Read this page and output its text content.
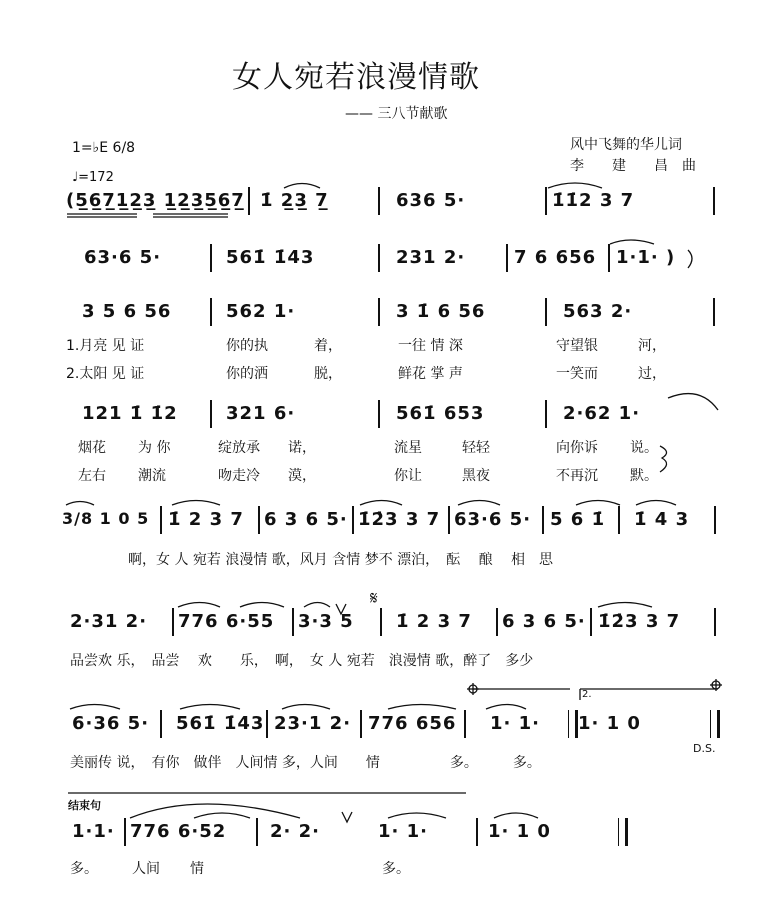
女人宛若浪漫情歌
—— 三八节献歌
风中飞舞的华儿词
李　　建　　昌　曲
1=♭E 6/8
♩=172
(5̲6̲7̲1̲2̲3̲ 1̲2̲3̲5̲6̲7̲ 1̇ 2̲3̲ 7̲	636 5·	1̇1̇2 3 7
63·6 5·	561̇ 1̇43	231 2·	7 6 656 1·1· )
3 5 6 56	562 1·	3 1̇ 6 56	563 2·
1.月亮 见 证	你的执	着，	一往 情 深	守望银	河，
2.太阳 见 证	你的洒	脱，	鲜花 掌 声	一笑而	过，
121 1̇ 1̇2	321 6·	561̇ 653	2·62 1·
烟花 为 你	绽放承 诺，	流星	轻轻	向你诉 说。
左右 潮流	吻走冷 漠，	你让	黑夜	不再沉 默。
3/8 1 0 5 1̇ 2 3 7 6 3 6 5· 1̇2̇3 3 7 63·6 5· 5 6 1̇ 1̇ 4 3
啊，女 人 宛若 浪漫情 歌，风月 含情 梦不 漂泊，　酝　 酿　 相　思
2·31 2· 776 6·55 3·3 5 1̇ 2 3 7 6 3 6 5· 1̇2̇3 3 7
品尝欢 乐，　品尝　 欢　　乐，　啊，　女 人 宛若　浪漫情 歌，醉了　多少
6·36 5· 561̇ 1̇43 23·1 2· 776 656 1· 1· 1· 1 0
美丽传 说，　有你　做伴　人间情 多，人间　　情　　　　　多。　　　多。
D.S.
2.
𝄋
结束句
1·1· 776 6·52 2· 2·	1· 1·	1· 1 0
多。 人间 情	多。
